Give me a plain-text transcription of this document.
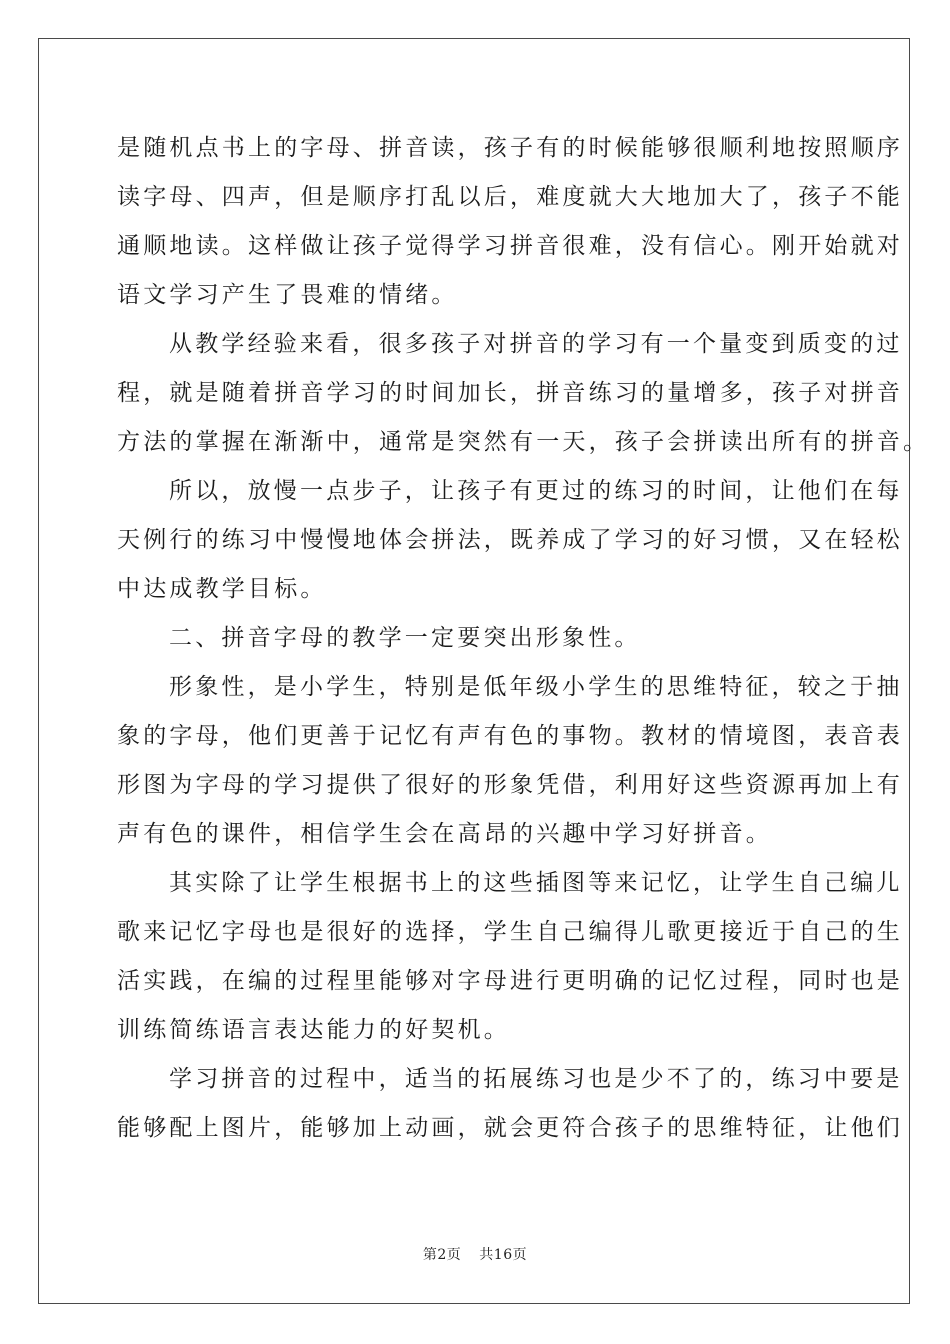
是随机点书上的字母、拼音读，孩子有的时候能够很顺利地按照顺序
读字母、四声，但是顺序打乱以后，难度就大大地加大了，孩子不能
通顺地读。这样做让孩子觉得学习拼音很难，没有信心。刚开始就对
语文学习产生了畏难的情绪。
从教学经验来看，很多孩子对拼音的学习有一个量变到质变的过
程，就是随着拼音学习的时间加长，拼音练习的量增多，孩子对拼音
方法的掌握在渐渐中，通常是突然有一天，孩子会拼读出所有的拼音。
所以，放慢一点步子，让孩子有更过的练习的时间，让他们在每
天例行的练习中慢慢地体会拼法，既养成了学习的好习惯，又在轻松
中达成教学目标。
二、拼音字母的教学一定要突出形象性。
形象性，是小学生，特别是低年级小学生的思维特征，较之于抽
象的字母，他们更善于记忆有声有色的事物。教材的情境图，表音表
形图为字母的学习提供了很好的形象凭借，利用好这些资源再加上有
声有色的课件，相信学生会在高昂的兴趣中学习好拼音。
其实除了让学生根据书上的这些插图等来记忆，让学生自己编儿
歌来记忆字母也是很好的选择，学生自己编得儿歌更接近于自己的生
活实践，在编的过程里能够对字母进行更明确的记忆过程，同时也是
训练简练语言表达能力的好契机。
学习拼音的过程中，适当的拓展练习也是少不了的，练习中要是
能够配上图片，能够加上动画，就会更符合孩子的思维特征，让他们
第2页 共16页
